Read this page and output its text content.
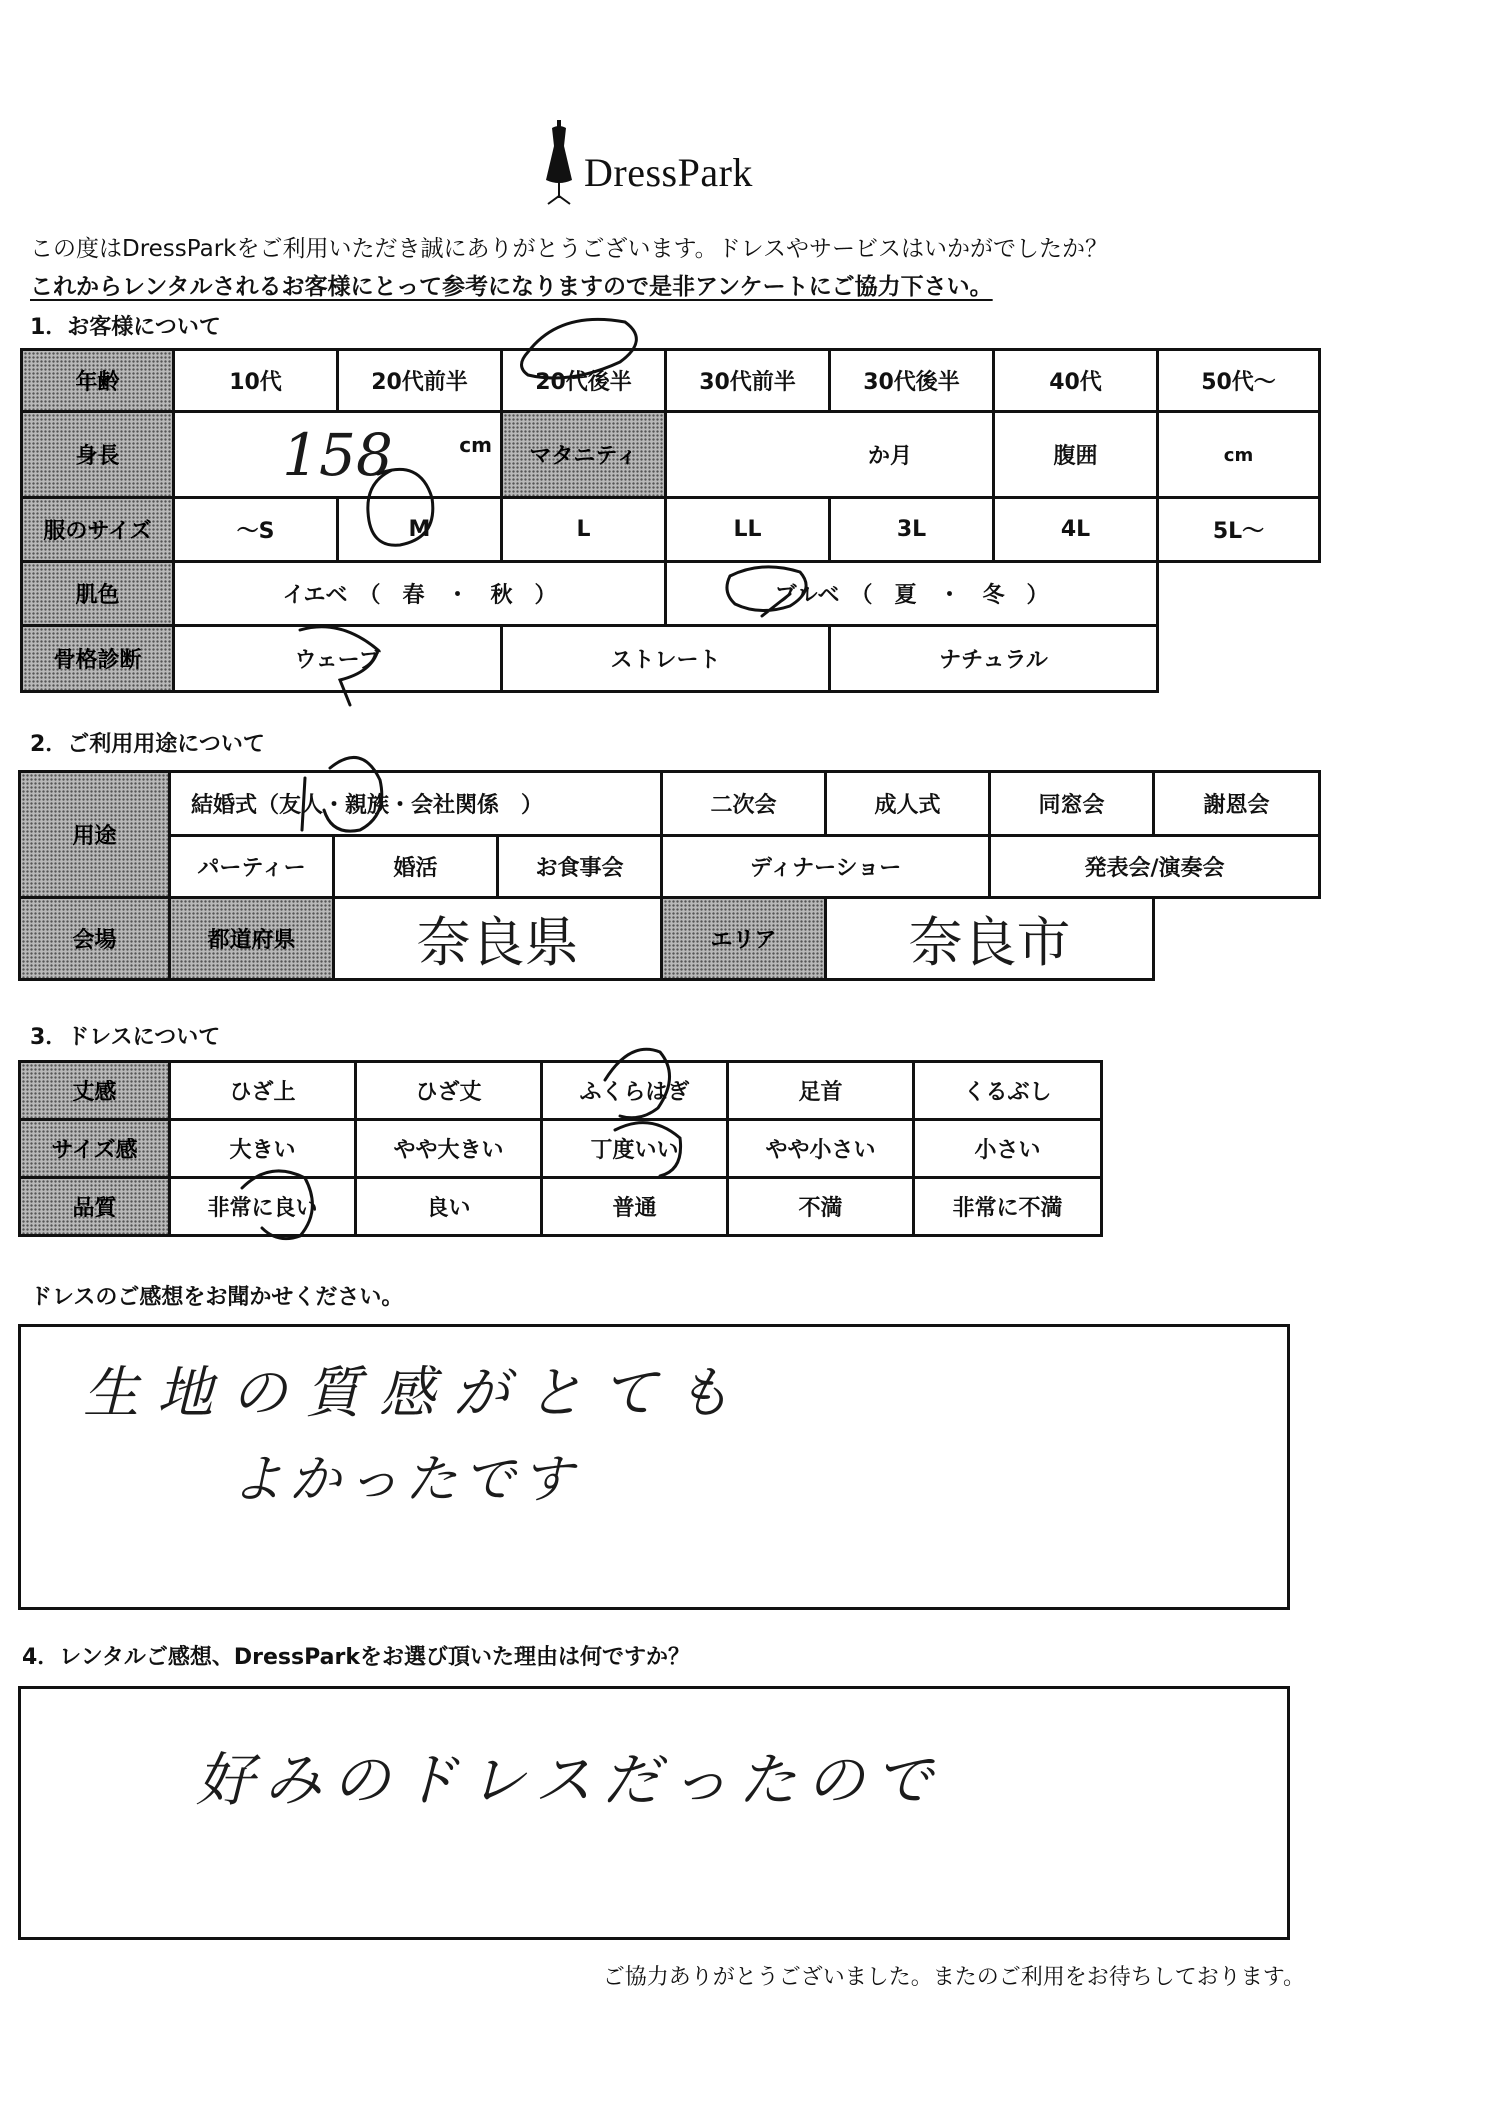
DressPark
この度はDressParkをご利用いただき誠にありがとうございます。ドレスやサービスはいかがでしたか？
これからレンタルされるお客様にとって参考になりますので是非アンケートにご協力下さい。
1．お客様について
年齢	10代	20代前半	20代後半	30代前半	30代後半	40代	50代～
身長	158 cm		マタニティ	か月		腹囲	cm
服のサイズ	～S	M	L	LL	3L	4L	5L～
肌色	イエベ　（　春　・　秋　）			ブルベ　（　夏　・　冬　）			
骨格診断	ウェーブ		ストレート		ナチュラル		
2．ご利用用途について
用途	結婚式（友人・親族・会社関係　）			二次会	成人式	同窓会	謝恩会
	パーティー	婚活	お食事会	ディナーショー		発表会/演奏会	
会場	都道府県	奈良県		エリア	奈良市		
3．ドレスについて
丈感	ひざ上	ひざ丈	ふくらはぎ	足首	くるぶし
サイズ感	大きい	やや大きい	丁度いい	やや小さい	小さい
品質	非常に良い	良い	普通	不満	非常に不満
ドレスのご感想をお聞かせください。
生地の質感がとても
よかったです
4．レンタルご感想、DressParkをお選び頂いた理由は何ですか？
好みのドレスだったので
ご協力ありがとうございました。またのご利用をお待ちしております。
